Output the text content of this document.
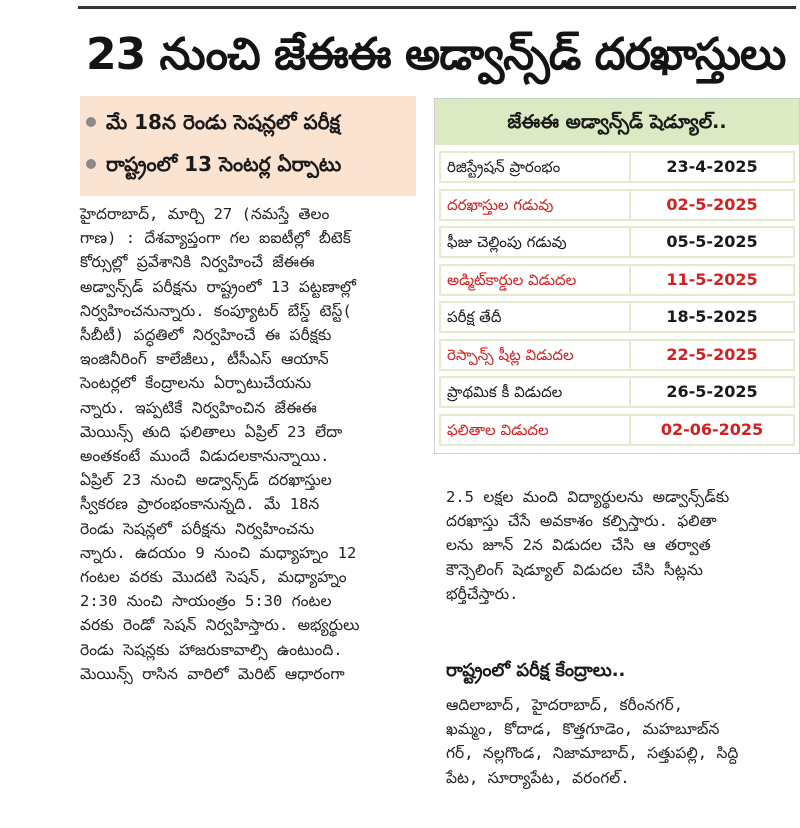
23 నుంచి జేఈఈ అడ్వాన్స్‌డ్ దరఖాస్తులు
మే 18న రెండు సెషన్లలో పరీక్ష
రాష్ట్రంలో 13 సెంటర్ల ఏర్పాటు

హైదరాబాద్, మార్చి 27 (నమస్తే తెలం

గాణ) : దేశవ్యాప్తంగా గల ఐఐటీల్లో బీటెక్

కోర్సుల్లో ప్రవేశానికి నిర్వహించే జేఈఈ

అడ్వాన్స్‌డ్ పరీక్షను రాష్ట్రంలో 13 పట్టణాల్లో

నిర్వహించనున్నారు. కంప్యూటర్ బేస్డ్ టెస్ట్(

సీబీటీ) పద్ధతిలో నిర్వహించే ఈ పరీక్షకు

ఇంజినీరింగ్ కాలేజీలు, టీసీఎస్ ఆయాన్

సెంటర్లలో కేంద్రాలను ఏర్పాటుచేయను

న్నారు. ఇప్పటికే నిర్వహించిన జేఈఈ

మెయిన్స్ తుది ఫలితాలు ఏప్రిల్ 23 లేదా

అంతకంటే ముందే విడుదలకానున్నాయి.

ఏప్రిల్ 23 నుంచి అడ్వాన్స్‌డ్ దరఖాస్తుల

స్వీకరణ ప్రారంభంకానున్నది. మే 18న

రెండు సెషన్లలో పరీక్షను నిర్వహించను

న్నారు. ఉదయం 9 నుంచి మధ్యాహ్నం 12

గంటల వరకు మొదటి సెషన్, మధ్యాహ్నం

2:30 నుంచి సాయంత్రం 5:30 గంటల

వరకు రెండో సెషన్ నిర్వహిస్తారు. అభ్యర్థులు

రెండు సెషన్లకు హాజరుకావాల్సి ఉంటుంది.

మెయిన్స్ రాసిన వారిలో మెరిట్ ఆధారంగా

జేఈఈ అడ్వాన్స్‌డ్ షెడ్యూల్..
రిజిస్ట్రేషన్ ప్రారంభం	23-4-2025
దరఖాస్తుల గడువు	02-5-2025
ఫీజు చెల్లింపు గడువు	05-5-2025
అడ్మిట్‌కార్డుల విడుదల	11-5-2025
పరీక్ష తేదీ	18-5-2025
రెస్పాన్స్ షీట్ల విడుదల	22-5-2025
ప్రాథమిక కీ విడుదల	26-5-2025
ఫలితాల విడుదల	02-06-2025

2.5 లక్షల మంది విద్యార్థులను అడ్వాన్స్‌డ్‌కు

దరఖాస్తు చేసే అవకాశం కల్పిస్తారు. ఫలితా

లను జూన్ 2న విడుదల చేసి ఆ తర్వాత

కౌన్సెలింగ్ షెడ్యూల్ విడుదల చేసి సీట్లను

భర్తీచేస్తారు.

రాష్ట్రంలో పరీక్ష కేంద్రాలు..

ఆదిలాబాద్, హైదరాబాద్, కరీంనగర్,

ఖమ్మం, కోదాడ, కొత్తగూడెం, మహబూబ్‌న

గర్, నల్లగొండ, నిజామాబాద్, సత్తుపల్లి, సిద్ది

పేట, సూర్యాపేట, వరంగల్.
